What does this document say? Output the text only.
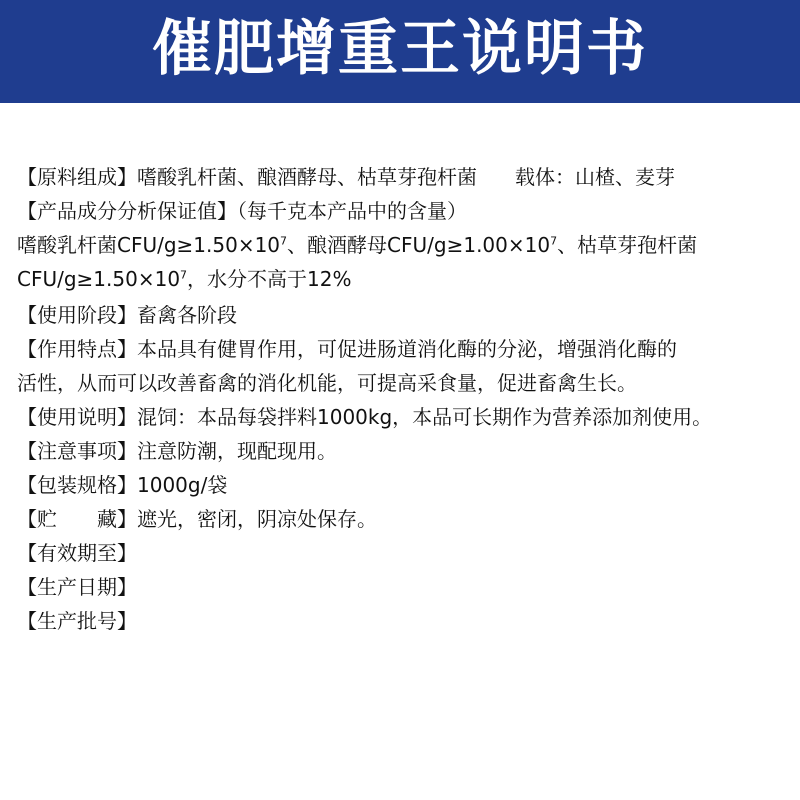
催肥增重王说明书
【原料组成】嗜酸乳杆菌、酿酒酵母、枯草芽孢杆菌 载体：山楂、麦芽
【产品成分分析保证值】（每千克本产品中的含量）
嗜酸乳杆菌CFU/$g\ge 1.50\times 10^7$、酿酒酵母CFU/$g\ge 1.00\times 10^7$、枯草芽孢杆菌
CFU/$g\ge 1.50\times 10^7$，水分不高于12%
【使用阶段】畜禽各阶段
【作用特点】本品具有健胃作用，可促进肠道消化酶的分泌，增强消化酶的
活性，从而可以改善畜禽的消化机能，可提高采食量，促进畜禽生长。
【使用说明】混饲：本品每袋拌料1000kg，本品可长期作为营养添加剂使用。
【注意事项】注意防潮，现配现用。
【包装规格】1000g/袋
【贮 藏】遮光，密闭，阴凉处保存。
【有效期至】
【生产日期】
【生产批号】
